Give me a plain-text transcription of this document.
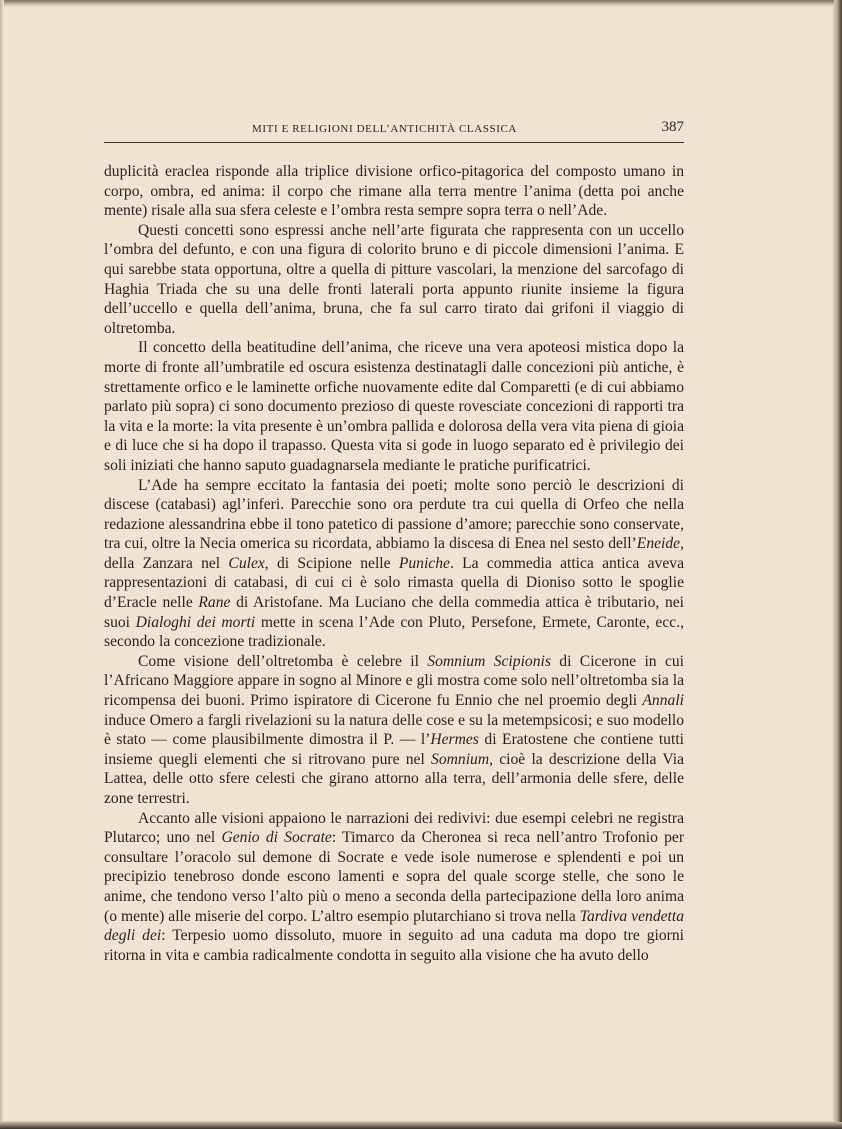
MITI E RELIGIONI DELL’ANTICHITÀ CLASSICA	387

duplicità eraclea risponde alla triplice divisione orfico-pitagorica del composto umano in corpo, ombra, ed anima: il corpo che rimane alla terra mentre l’anima (detta poi anche mente) risale alla sua sfera celeste e l’ombra resta sempre sopra terra o nell’Ade.

Questi concetti sono espressi anche nell’arte figurata che rappresenta con un uccello l’ombra del defunto, e con una figura di colorito bruno e di piccole dimensioni l’anima. E qui sarebbe stata opportuna, oltre a quella di pitture vascolari, la menzione del sarcofago di Haghia Triada che su una delle fronti laterali porta appunto riunite insieme la figura dell’uccello e quella dell’anima, bruna, che fa sul carro tirato dai grifoni il viaggio di oltretomba.

Il concetto della beatitudine dell’anima, che riceve una vera apoteosi mistica dopo la morte di fronte all’umbratile ed oscura esistenza destinatagli dalle concezioni più antiche, è strettamente orfico e le laminette orfiche nuovamente edite dal Comparetti (e di cui abbiamo parlato più sopra) ci sono documento prezioso di queste rovesciate concezioni di rapporti tra la vita e la morte: la vita presente è un’ombra pallida e dolorosa della vera vita piena di gioia e di luce che si ha dopo il trapasso. Questa vita si gode in luogo separato ed è privilegio dei soli iniziati che hanno saputo guadagnarsela mediante le pratiche purificatrici.

L’Ade ha sempre eccitato la fantasia dei poeti; molte sono perciò le descrizioni di discese (catabasi) agl’inferi. Parecchie sono ora perdute tra cui quella di Orfeo che nella redazione alessandrina ebbe il tono patetico di passione d’amore; parecchie sono conservate, tra cui, oltre la Necia omerica su ricordata, abbiamo la discesa di Enea nel sesto dell’Eneide, della Zanzara nel Culex, di Scipione nelle Puniche. La commedia attica antica aveva rappresentazioni di catabasi, di cui ci è solo rimasta quella di Dioniso sotto le spoglie d’Eracle nelle Rane di Aristofane. Ma Luciano che della commedia attica è tributario, nei suoi Dialoghi dei morti mette in scena l’Ade con Pluto, Persefone, Ermete, Caronte, ecc., secondo la concezione tradizionale.

Come visione dell’oltretomba è celebre il Somnium Scipionis di Cicerone in cui l’Africano Maggiore appare in sogno al Minore e gli mostra come solo nell’oltretomba sia la ricompensa dei buoni. Primo ispiratore di Cicerone fu Ennio che nel proemio degli Annali induce Omero a fargli rivelazioni su la natura delle cose e su la metempsicosi; e suo modello è stato — come plausibilmente dimostra il P. — l’Hermes di Eratostene che contiene tutti insieme quegli elementi che si ritrovano pure nel Somnium, cioè la descrizione della Via Lattea, delle otto sfere celesti che girano attorno alla terra, dell’armonia delle sfere, delle zone terrestri.

Accanto alle visioni appaiono le narrazioni dei redivivi: due esempi celebri ne registra Plutarco; uno nel Genio di Socrate: Timarco da Cheronea si reca nell’antro Trofonio per consultare l’oracolo sul demone di Socrate e vede isole numerose e splendenti e poi un precipizio tenebroso donde escono lamenti e sopra del quale scorge stelle, che sono le anime, che tendono verso l’alto più o meno a seconda della partecipazione della loro anima (o mente) alle miserie del corpo. L’altro esempio plutarchiano si trova nella Tardiva vendetta degli dei: Terpesio uomo dissoluto, muore in seguito ad una caduta ma dopo tre giorni ritorna in vita e cambia radicalmente condotta in seguito alla visione che ha avuto dello
